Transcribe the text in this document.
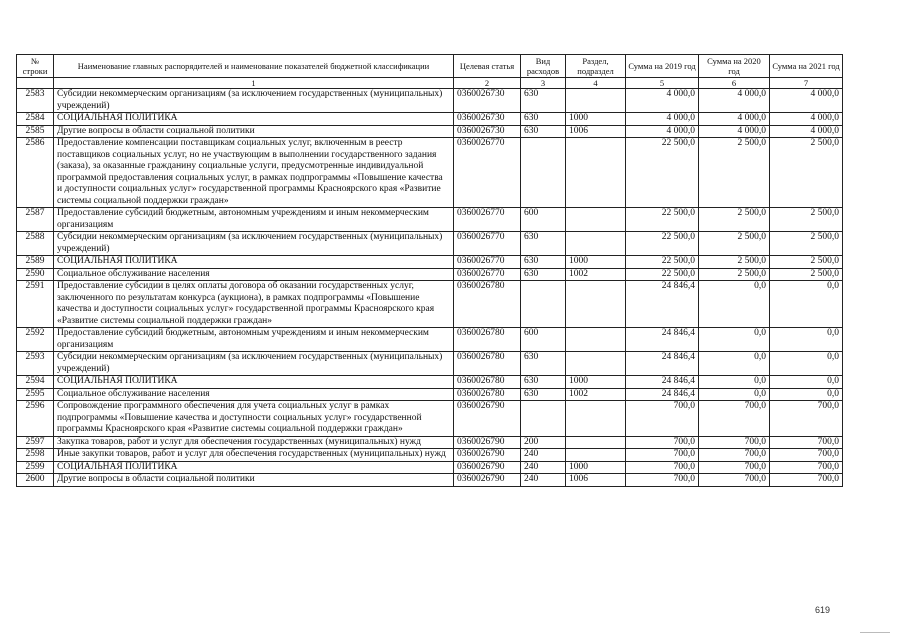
№ строки	Наименование главных распорядителей и наименование показателей бюджетной классификации	Целевая статья	Вид расходов	Раздел, подраздел	Сумма на 2019 год	Сумма на 2020 год	Сумма на 2021 год
	1	2	3	4	5	6	7
2583	Субсидии некоммерческим организациям (за исключением государственных (муниципальных) учреждений)	0360026730	630		4 000,0	4 000,0	4 000,0
2584	СОЦИАЛЬНАЯ ПОЛИТИКА	0360026730	630	1000	4 000,0	4 000,0	4 000,0
2585	Другие вопросы в области социальной политики	0360026730	630	1006	4 000,0	4 000,0	4 000,0
2586	Предоставление компенсации поставщикам социальных услуг, включенным в реестр поставщиков социальных услуг, но не участвующим в выполнении государственного задания (заказа), за оказанные гражданину социальные услуги, предусмотренные индивидуальной программой предоставления социальных услуг, в рамках подпрограммы «Повышение качества и доступности социальных услуг» государственной программы Красноярского края «Развитие системы социальной поддержки граждан»	0360026770			22 500,0	2 500,0	2 500,0
2587	Предоставление субсидий бюджетным, автономным учреждениям и иным некоммерческим организациям	0360026770	600		22 500,0	2 500,0	2 500,0
2588	Субсидии некоммерческим организациям (за исключением государственных (муниципальных) учреждений)	0360026770	630		22 500,0	2 500,0	2 500,0
2589	СОЦИАЛЬНАЯ ПОЛИТИКА	0360026770	630	1000	22 500,0	2 500,0	2 500,0
2590	Социальное обслуживание населения	0360026770	630	1002	22 500,0	2 500,0	2 500,0
2591	Предоставление субсидии в целях оплаты договора об оказании государственных услуг, заключенного по результатам конкурса (аукциона), в рамках подпрограммы «Повышение качества и доступности социальных услуг» государственной программы Красноярского края «Развитие системы социальной поддержки граждан»	0360026780			24 846,4	0,0	0,0
2592	Предоставление субсидий бюджетным, автономным учреждениям и иным некоммерческим организациям	0360026780	600		24 846,4	0,0	0,0
2593	Субсидии некоммерческим организациям (за исключением государственных (муниципальных) учреждений)	0360026780	630		24 846,4	0,0	0,0
2594	СОЦИАЛЬНАЯ ПОЛИТИКА	0360026780	630	1000	24 846,4	0,0	0,0
2595	Социальное обслуживание населения	0360026780	630	1002	24 846,4	0,0	0,0
2596	Сопровождение программного обеспечения для учета социальных услуг в рамках подпрограммы «Повышение качества и доступности социальных услуг» государственной программы Красноярского края «Развитие системы социальной поддержки граждан»	0360026790			700,0	700,0	700,0
2597	Закупка товаров, работ и услуг для обеспечения государственных (муниципальных) нужд	0360026790	200		700,0	700,0	700,0
2598	Иные закупки товаров, работ и услуг для обеспечения государственных (муниципальных) нужд	0360026790	240		700,0	700,0	700,0
2599	СОЦИАЛЬНАЯ ПОЛИТИКА	0360026790	240	1000	700,0	700,0	700,0
2600	Другие вопросы в области социальной политики	0360026790	240	1006	700,0	700,0	700,0
619
